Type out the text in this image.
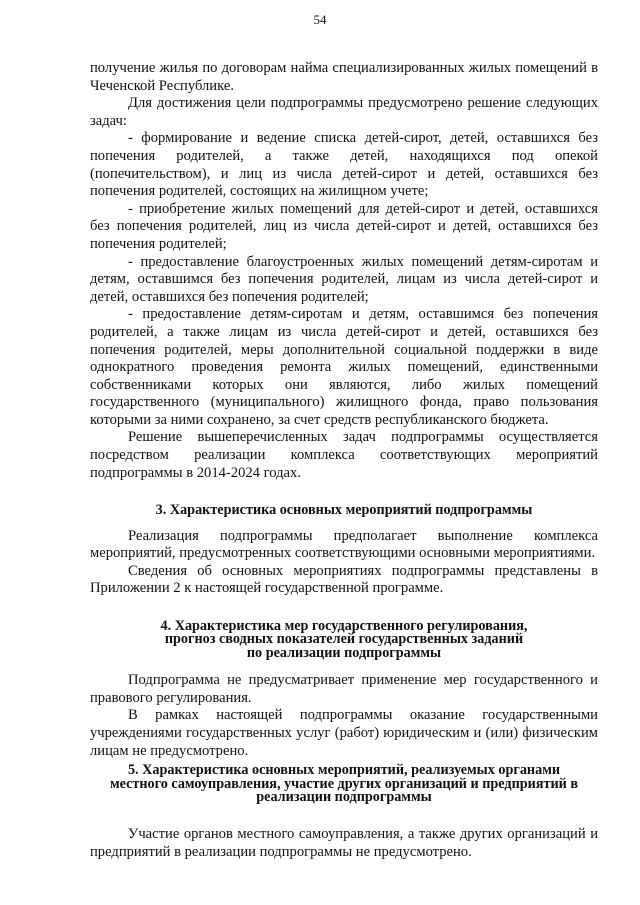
54

получение жилья по договорам найма специализированных жилых помещений в Чеченской Республике.

Для достижения цели подпрограммы предусмотрено решение следующих задач:

- формирование и ведение списка детей-сирот, детей, оставшихся без попечения родителей, а также детей, находящихся под опекой (попечительством), и лиц из числа детей-сирот и детей, оставшихся без попечения родителей, состоящих на жилищном учете;

- приобретение жилых помещений для детей-сирот и детей, оставшихся без попечения родителей, лиц из числа детей-сирот и детей, оставшихся без попечения родителей;

- предоставление благоустроенных жилых помещений детям-сиротам и детям, оставшимся без попечения родителей, лицам из числа детей-сирот и детей, оставшихся без попечения родителей;

- предоставление детям-сиротам и детям, оставшимся без попечения родителей, а также лицам из числа детей-сирот и детей, оставшихся без попечения родителей, меры дополнительной социальной поддержки в виде однократного проведения ремонта жилых помещений, единственными собственниками которых они являются, либо жилых помещений государственного (муниципального) жилищного фонда, право пользования которыми за ними сохранено, за счет средств республиканского бюджета.

Решение вышеперечисленных задач подпрограммы осуществляется посредством реализации комплекса соответствующих мероприятий подпрограммы в 2014-2024 годах.

3. Характеристика основных мероприятий подпрограммы

Реализация подпрограммы предполагает выполнение комплекса мероприятий, предусмотренных соответствующими основными мероприятиями.

Сведения об основных мероприятиях подпрограммы представлены в Приложении 2 к настоящей государственной программе.

4. Характеристика мер государственного регулирования,
прогноз сводных показателей государственных заданий
по реализации подпрограммы

Подпрограмма не предусматривает применение мер государственного и правового регулирования.

В рамках настоящей подпрограммы оказание государственными учреждениями государственных услуг (работ) юридическим и (или) физическим лицам не предусмотрено.

5. Характеристика основных мероприятий, реализуемых органами
местного самоуправления, участие других организаций и предприятий в
реализации подпрограммы

Участие органов местного самоуправления, а также других организаций и предприятий в реализации подпрограммы не предусмотрено.
